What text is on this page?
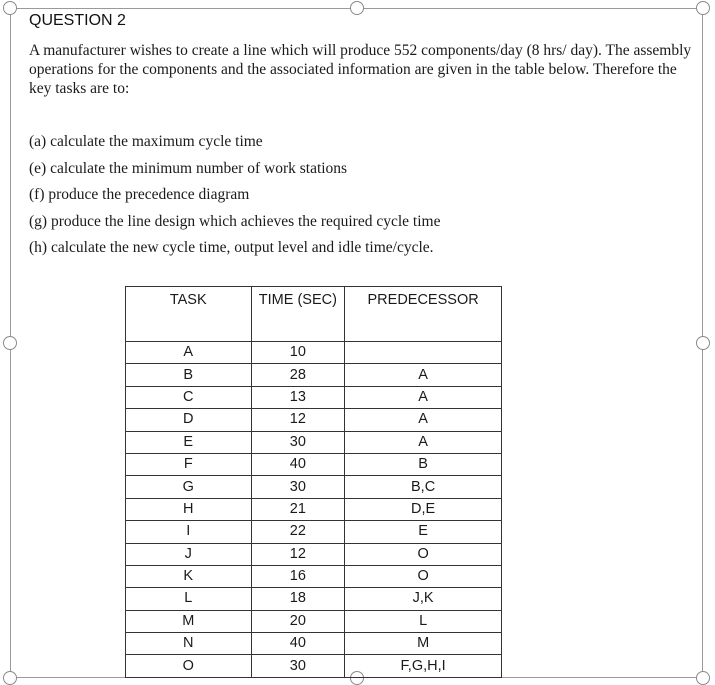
QUESTION 2

A manufacturer wishes to create a line which will produce 552 components/day (8 hrs/ day). The assembly operations for the components and the associated information are given in the table below. Therefore the key tasks are to:

(a) calculate the maximum cycle time
(e) calculate the minimum number of work stations
(f) produce the precedence diagram
(g) produce the line design which achieves the required cycle time
(h) calculate the new cycle time, output level and idle time/cycle.
TASK	TIME (SEC)	PREDECESSOR
A	10	
B	28	A
C	13	A
D	12	A
E	30	A
F	40	B
G	30	B,C
H	21	D,E
I	22	E
J	12	O
K	16	O
L	18	J,K
M	20	L
N	40	M
O	30	F,G,H,I
